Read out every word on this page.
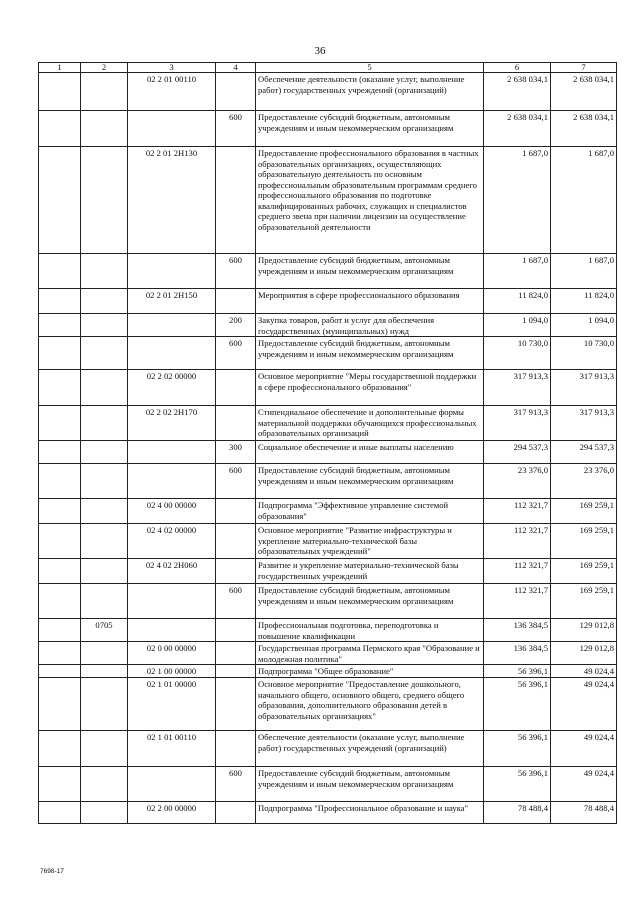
36
1	2	3	4	5	6	7
		02 2 01 00110		Обеспечение деятельности (оказание услуг, выполнение работ) государственных учреждений (организаций)	2 638 034,1	2 638 034,1
			600	Предоставление субсидий бюджетным, автономным учреждениям и иным некоммерческим организациям	2 638 034,1	2 638 034,1
		02 2 01 2Н130		Предоставление профессионального образования в частных образовательных организациях, осуществляющих образовательную деятельность по основным профессиональным образовательным программам среднего профессионального образования по подготовке квалифицированных рабочих, служащих и специалистов среднего звена при наличии лицензии на осуществление образовательной деятельности	1 687,0	1 687,0
			600	Предоставление субсидий бюджетным, автономным учреждениям и иным некоммерческим организациям	1 687,0	1 687,0
		02 2 01 2Н150		Мероприятия в сфере профессионального образования	11 824,0	11 824,0
			200	Закупка товаров, работ и услуг для обеспечения государственных (муниципальных) нужд	1 094,0	1 094,0
			600	Предоставление субсидий бюджетным, автономным учреждениям и иным некоммерческим организациям	10 730,0	10 730,0
		02 2 02 00000		Основное мероприятие "Меры государственной поддержки в сфере профессионального образования"	317 913,3	317 913,3
		02 2 02 2Н170		Стипендиальное обеспечение и дополнительные формы материальной поддержки обучающихся профессиональных образовательных организаций	317 913,3	317 913,3
			300	Социальное обеспечение и иные выплаты населению	294 537,3	294 537,3
			600	Предоставление субсидий бюджетным, автономным учреждениям и иным некоммерческим организациям	23 376,0	23 376,0
		02 4 00 00000		Подпрограмма "Эффективное управление системой образования"	112 321,7	169 259,1
		02 4 02 00000		Основное мероприятие "Развитие инфраструктуры и укрепление материально-технической базы образовательных учреждений"	112 321,7	169 259,1
		02 4 02 2Н060		Развитие и укрепление материально-технической базы государственных учреждений	112 321,7	169 259,1
			600	Предоставление субсидий бюджетным, автономным учреждениям и иным некоммерческим организациям	112 321,7	169 259,1
	0705			Профессиональная подготовка, переподготовка и повышение квалификации	136 384,5	129 012,8
		02 0 00 00000		Государственная программа Пермского края "Образование и молодежная политика"	136 384,5	129 012,8
		02 1 00 00000		Подпрограмма "Общее образование"	56 396,1	49 024,4
		02 1 01 00000		Основное мероприятие "Предоставление дошкольного, начального общего, основного общего, среднего общего образования, дополнительного образования детей в образовательных организациях"	56 396,1	49 024,4
		02 1 01 00110		Обеспечение деятельности (оказание услуг, выполнение работ) государственных учреждений (организаций)	56 396,1	49 024,4
			600	Предоставление субсидий бюджетным, автономным учреждениям и иным некоммерческим организациям	56 396,1	49 024,4
		02 2 00 00000		Подпрограмма "Профессиональное образование и наука"	78 488,4	78 488,4
7698-17
